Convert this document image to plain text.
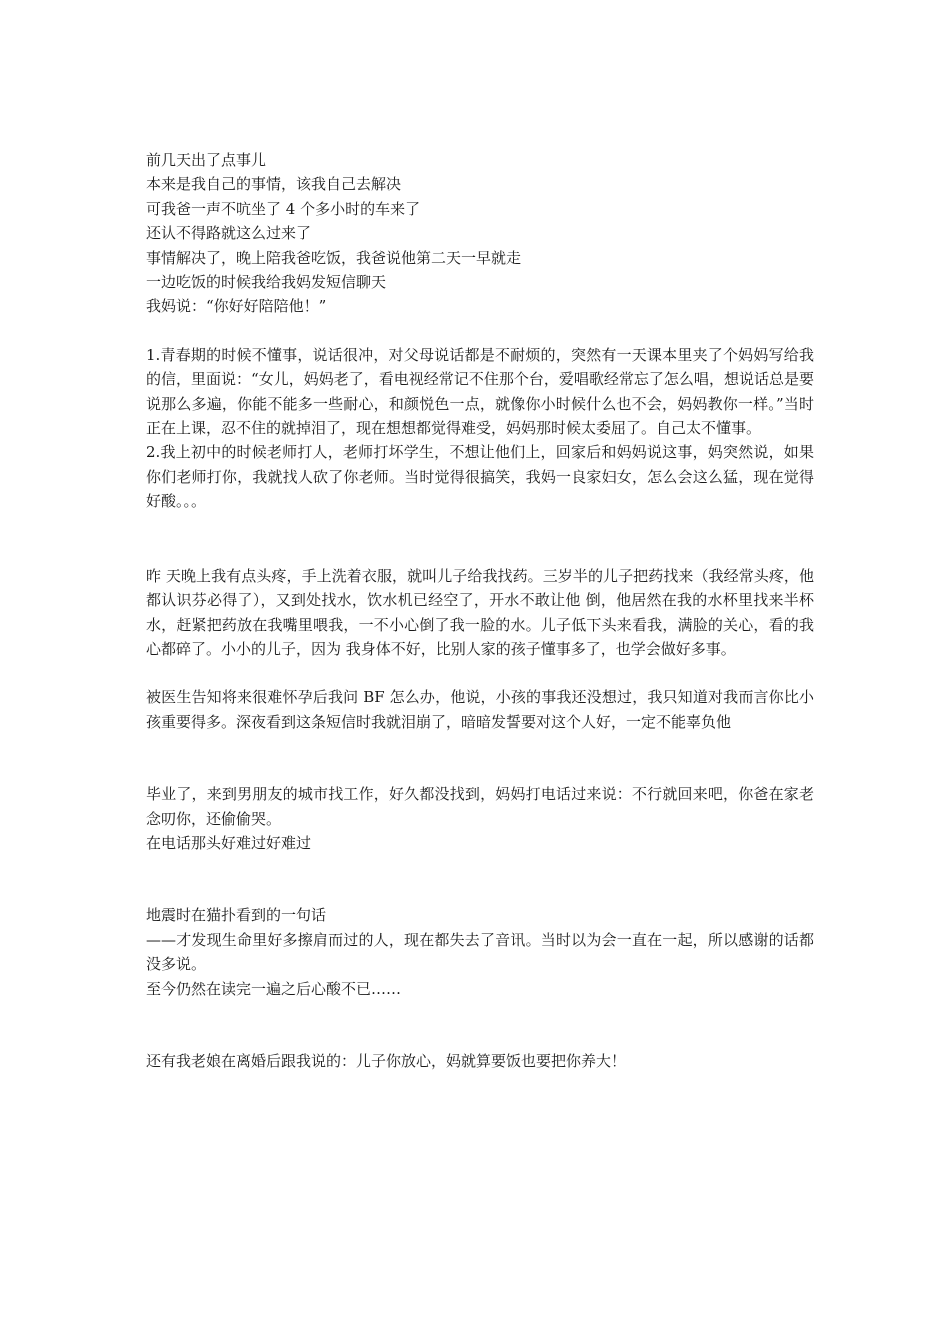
前几天出了点事儿

本来是我自己的事情，该我自己去解决

可我爸一声不吭坐了 4 个多小时的车来了

还认不得路就这么过来了

事情解决了，晚上陪我爸吃饭，我爸说他第二天一早就走

一边吃饭的时候我给我妈发短信聊天

我妈说：“你好好陪陪他！”

1.青春期的时候不懂事，说话很冲，对父母说话都是不耐烦的，突然有一天课本里夹了个妈妈写给我的信，里面说：“女儿，妈妈老了，看电视经常记不住那个台，爱唱歌经常忘了怎么唱，想说话总是要说那么多遍，你能不能多一些耐心，和颜悦色一点，就像你小时候什么也不会，妈妈教你一样。”当时正在上课，忍不住的就掉泪了，现在想想都觉得难受，妈妈那时候太委屈了。自己太不懂事。

2.我上初中的时候老师打人，老师打坏学生，不想让他们上，回家后和妈妈说这事，妈突然说，如果你们老师打你，我就找人砍了你老师。当时觉得很搞笑，我妈一良家妇女，怎么会这么猛，现在觉得好酸。。。

昨 天晚上我有点头疼，手上洗着衣服，就叫儿子给我找药。三岁半的儿子把药找来（我经常头疼，他都认识芬必得了），又到处找水，饮水机已经空了，开水不敢让他 倒，他居然在我的水杯里找来半杯水，赶紧把药放在我嘴里喂我，一不小心倒了我一脸的水。儿子低下头来看我，满脸的关心，看的我心都碎了。小小的儿子，因为 我身体不好，比别人家的孩子懂事多了，也学会做好多事。

被医生告知将来很难怀孕后我问 BF 怎么办，他说，小孩的事我还没想过，我只知道对我而言你比小孩重要得多。深夜看到这条短信时我就泪崩了，暗暗发誓要对这个人好，一定不能辜负他

毕业了，来到男朋友的城市找工作，好久都没找到，妈妈打电话过来说：不行就回来吧，你爸在家老念叨你，还偷偷哭。

在电话那头好难过好难过

地震时在猫扑看到的一句话

——才发现生命里好多擦肩而过的人，现在都失去了音讯。当时以为会一直在一起，所以感谢的话都没多说。

至今仍然在读完一遍之后心酸不已……

还有我老娘在离婚后跟我说的：儿子你放心，妈就算要饭也要把你养大！
